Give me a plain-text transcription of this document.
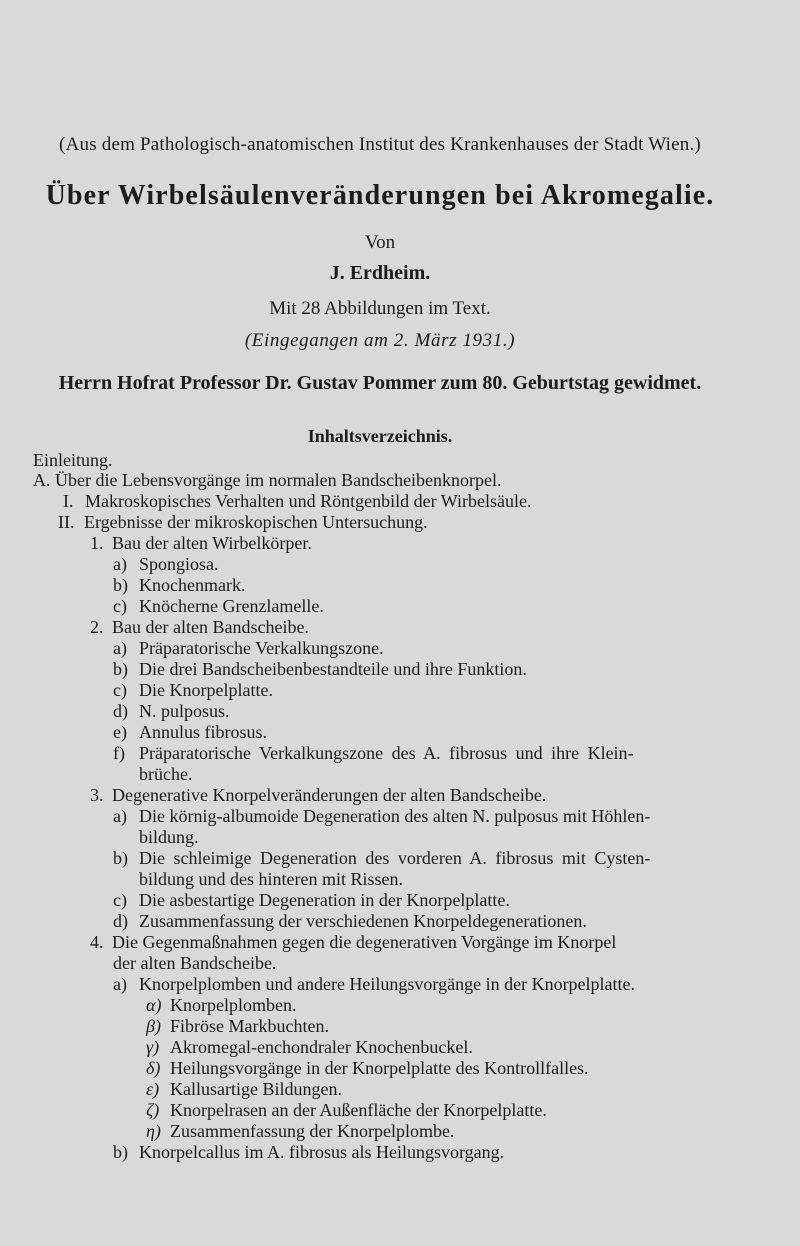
(Aus dem Pathologisch-anatomischen Institut des Krankenhauses der Stadt Wien.)
Über Wirbelsäulenveränderungen bei Akromegalie.
Von
J. Erdheim.
Mit 28 Abbildungen im Text.
(Eingegangen am 2. März 1931.)
Herrn Hofrat Professor Dr. Gustav Pommer zum 80. Geburtstag gewidmet.
Inhaltsverzeichnis.
Einleitung.
A. Über die Lebensvorgänge im normalen Bandscheibenknorpel.
I. Makroskopisches Verhalten und Röntgenbild der Wirbelsäule.
II. Ergebnisse der mikroskopischen Untersuchung.
1. Bau der alten Wirbelkörper.
a) Spongiosa.
b) Knochenmark.
c) Knöcherne Grenzlamelle.
2. Bau der alten Bandscheibe.
a) Präparatorische Verkalkungszone.
b) Die drei Bandscheibenbestandteile und ihre Funktion.
c) Die Knorpelplatte.
d) N. pulposus.
e) Annulus fibrosus.
f) Präparatorische Verkalkungszone des A. fibrosus und ihre Klein-
brüche.
3. Degenerative Knorpelveränderungen der alten Bandscheibe.
a) Die körnig-albumoide Degeneration des alten N. pulposus mit Höhlen-
bildung.
b) Die schleimige Degeneration des vorderen A. fibrosus mit Cysten-
bildung und des hinteren mit Rissen.
c) Die asbestartige Degeneration in der Knorpelplatte.
d) Zusammenfassung der verschiedenen Knorpeldegenerationen.
4. Die Gegenmaßnahmen gegen die degenerativen Vorgänge im Knorpel
der alten Bandscheibe.
a) Knorpelplomben und andere Heilungsvorgänge in der Knorpelplatte.
α) Knorpelplomben.
β) Fibröse Markbuchten.
γ) Akromegal-enchondraler Knochenbuckel.
δ) Heilungsvorgänge in der Knorpelplatte des Kontrollfalles.
ε) Kallusartige Bildungen.
ζ) Knorpelrasen an der Außenfläche der Knorpelplatte.
η) Zusammenfassung der Knorpelplombe.
b) Knorpelcallus im A. fibrosus als Heilungsvorgang.
